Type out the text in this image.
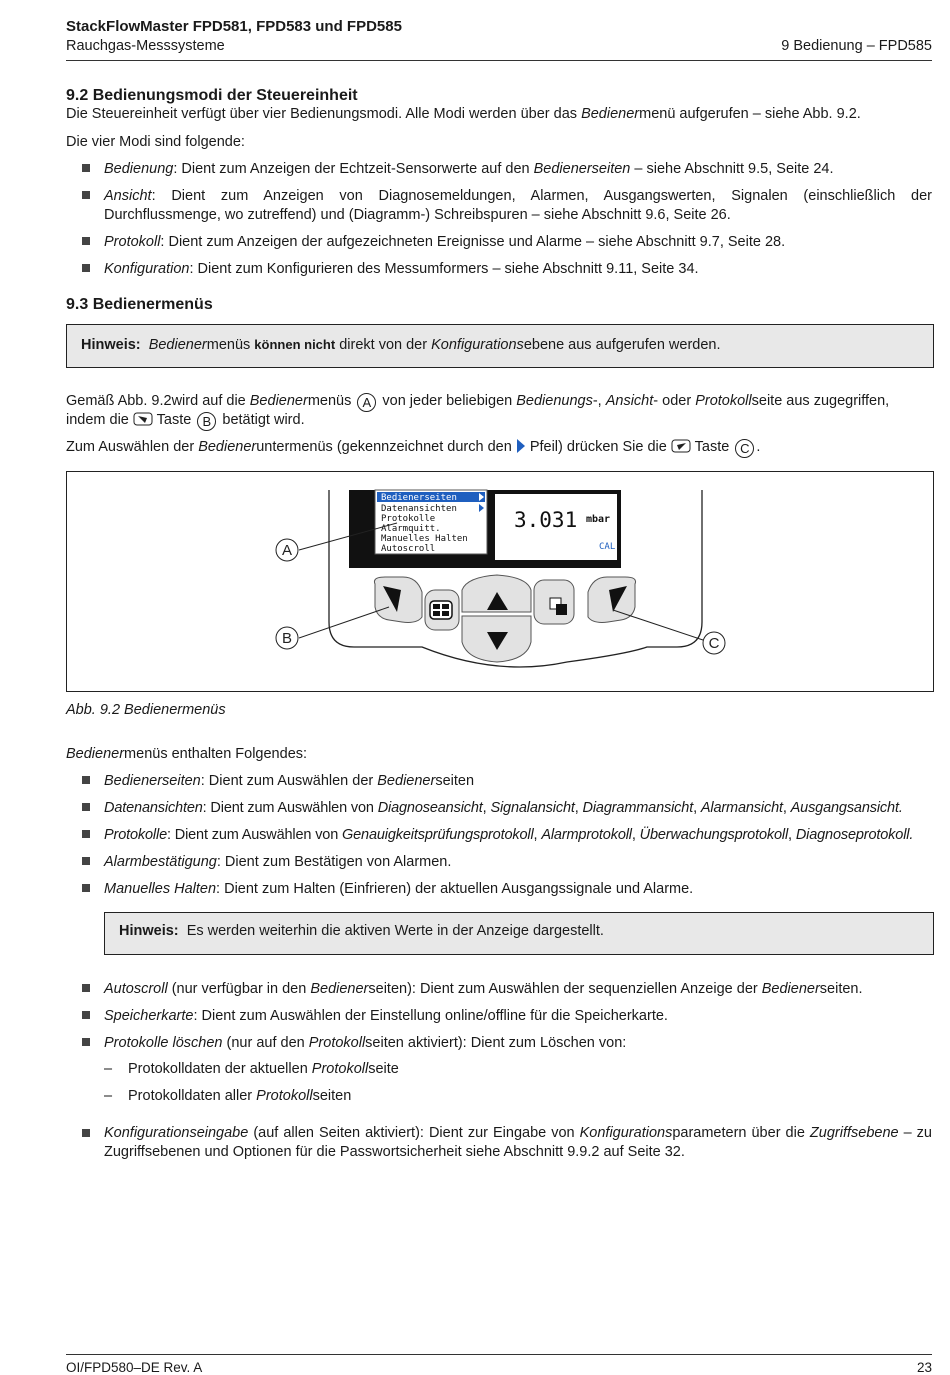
StackFlowMaster FPD581, FPD583 und FPD585
Rauchgas-Messsysteme	9 Bedienung – FPD585
9.2 Bedienungsmodi der Steuereinheit
Die Steuereinheit verfügt über vier Bedienungsmodi. Alle Modi werden über das Bedienermenü aufgerufen – siehe Abb. 9.2.
Die vier Modi sind folgende:
Bedienung: Dient zum Anzeigen der Echtzeit-Sensorwerte auf den Bedienerseiten – siehe Abschnitt 9.5, Seite 24.
Ansicht: Dient zum Anzeigen von Diagnosemeldungen, Alarmen, Ausgangswerten, Signalen (einschließlich der Durchflussmenge, wo zutreffend) und (Diagramm-) Schreibspuren – siehe Abschnitt 9.6, Seite 26.
Protokoll: Dient zum Anzeigen der aufgezeichneten Ereignisse und Alarme – siehe Abschnitt 9.7, Seite 28.
Konfiguration: Dient zum Konfigurieren des Messumformers – siehe Abschnitt 9.11, Seite 34.
9.3 Bedienermenüs
Hinweis: Bedienermenüs können nicht direkt von der Konfigurationsebene aus aufgerufen werden.
Gemäß Abb. 9.2wird auf die Bedienermenüs A von jeder beliebigen Bedienungs-, Ansicht- oder Protokollseite aus zugegriffen,
indem die  Taste B betätigt wird.
Zum Auswählen der Bedieneruntermenüs (gekennzeichnet durch den  Pfeil) drücken Sie die  Taste C .
Bedienerseiten
Datenansichten
Protokolle
Alarmquitt.
Manuelles Halten
Autoscroll
3.031 mbar
CAL
A
B	C
Abb. 9.2 Bedienermenüs
Bedienermenüs enthalten Folgendes:
Bedienerseiten: Dient zum Auswählen der Bedienerseiten
Datenansichten: Dient zum Auswählen von Diagnoseansicht, Signalansicht, Diagrammansicht, Alarmansicht, Ausgangsansicht.
Protokolle: Dient zum Auswählen von Genauigkeitsprüfungsprotokoll, Alarmprotokoll, Überwachungsprotokoll, Diagnoseprotokoll.
Alarmbestätigung: Dient zum Bestätigen von Alarmen.
Manuelles Halten: Dient zum Halten (Einfrieren) der aktuellen Ausgangssignale und Alarme.
Hinweis: Es werden weiterhin die aktiven Werte in der Anzeige dargestellt.
Autoscroll (nur verfügbar in den Bedienerseiten): Dient zum Auswählen der sequenziellen Anzeige der Bedienerseiten.
Speicherkarte: Dient zum Auswählen der Einstellung online/offline für die Speicherkarte.
Protokolle löschen (nur auf den Protokollseiten aktiviert): Dient zum Löschen von:
– Protokolldaten der aktuellen Protokollseite
– Protokolldaten aller Protokollseiten
Konfigurationseingabe (auf allen Seiten aktiviert): Dient zur Eingabe von Konfigurationsparametern über die Zugriffsebene – zu Zugriffsebenen und Optionen für die Passwortsicherheit siehe Abschnitt 9.9.2 auf Seite 32.
OI/FPD580–DE Rev. A	23
